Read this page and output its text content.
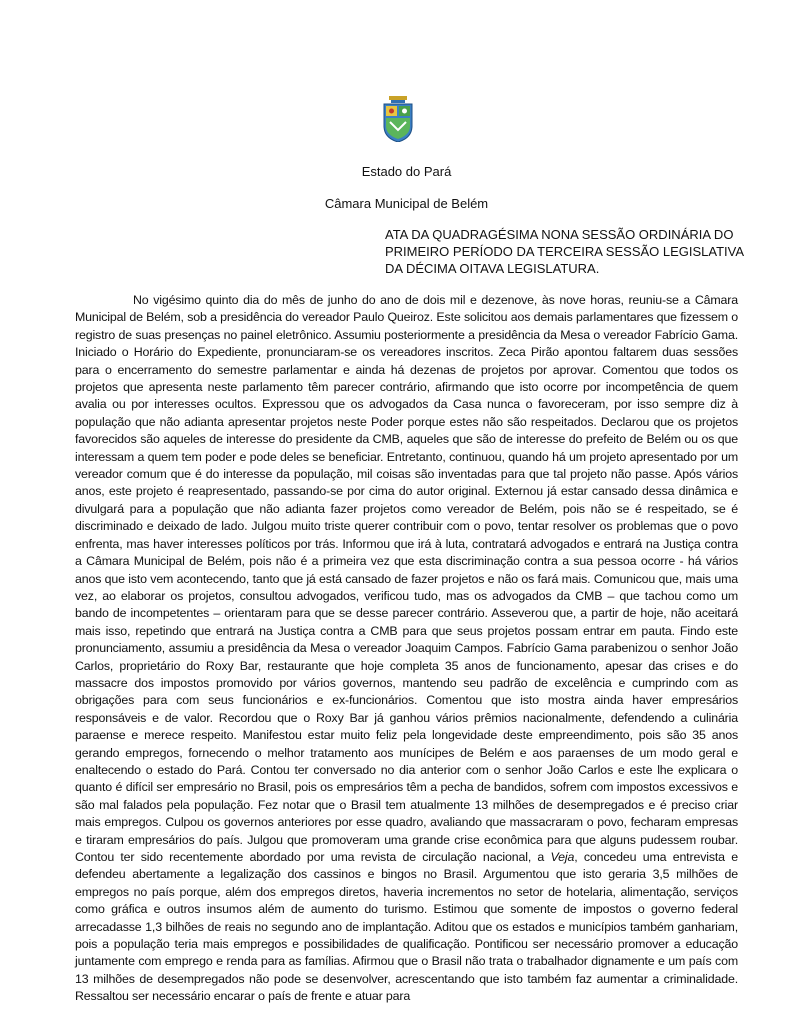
Estado do Pará
Câmara Municipal de Belém
ATA DA QUADRAGÉSIMA NONA SESSÃO ORDINÁRIA DO PRIMEIRO PERÍODO DA TERCEIRA SESSÃO LEGISLATIVA DA DÉCIMA OITAVA LEGISLATURA.

No vigésimo quinto dia do mês de junho do ano de dois mil e dezenove, às nove horas, reuniu-se a Câmara Municipal de Belém, sob a presidência do vereador Paulo Queiroz. Este solicitou aos demais parlamentares que fizessem o registro de suas presenças no painel eletrônico. Assumiu posteriormente a presidência da Mesa o vereador Fabrício Gama. Iniciado o Horário do Expediente, pronunciaram-se os vereadores inscritos. Zeca Pirão apontou faltarem duas sessões para o encerramento do semestre parlamentar e ainda há dezenas de projetos por aprovar. Comentou que todos os projetos que apresenta neste parlamento têm parecer contrário, afirmando que isto ocorre por incompetência de quem avalia ou por interesses ocultos. Expressou que os advogados da Casa nunca o favoreceram, por isso sempre diz à população que não adianta apresentar projetos neste Poder porque estes não são respeitados. Declarou que os projetos favorecidos são aqueles de interesse do presidente da CMB, aqueles que são de interesse do prefeito de Belém ou os que interessam a quem tem poder e pode deles se beneficiar. Entretanto, continuou, quando há um projeto apresentado por um vereador comum que é do interesse da população, mil coisas são inventadas para que tal projeto não passe. Após vários anos, este projeto é reapresentado, passando-se por cima do autor original. Externou já estar cansado dessa dinâmica e divulgará para a população que não adianta fazer projetos como vereador de Belém, pois não se é respeitado, se é discriminado e deixado de lado. Julgou muito triste querer contribuir com o povo, tentar resolver os problemas que o povo enfrenta, mas haver interesses políticos por trás. Informou que irá à luta, contratará advogados e entrará na Justiça contra a Câmara Municipal de Belém, pois não é a primeira vez que esta discriminação contra a sua pessoa ocorre - há vários anos que isto vem acontecendo, tanto que já está cansado de fazer projetos e não os fará mais. Comunicou que, mais uma vez, ao elaborar os projetos, consultou advogados, verificou tudo, mas os advogados da CMB – que tachou como um bando de incompetentes – orientaram para que se desse parecer contrário. Asseverou que, a partir de hoje, não aceitará mais isso, repetindo que entrará na Justiça contra a CMB para que seus projetos possam entrar em pauta. Findo este pronunciamento, assumiu a presidência da Mesa o vereador Joaquim Campos. Fabrício Gama parabenizou o senhor João Carlos, proprietário do Roxy Bar, restaurante que hoje completa 35 anos de funcionamento, apesar das crises e do massacre dos impostos promovido por vários governos, mantendo seu padrão de excelência e cumprindo com as obrigações para com seus funcionários e ex-funcionários. Comentou que isto mostra ainda haver empresários responsáveis e de valor. Recordou que o Roxy Bar já ganhou vários prêmios nacionalmente, defendendo a culinária paraense e merece respeito. Manifestou estar muito feliz pela longevidade deste empreendimento, pois são 35 anos gerando empregos, fornecendo o melhor tratamento aos munícipes de Belém e aos paraenses de um modo geral e enaltecendo o estado do Pará. Contou ter conversado no dia anterior com o senhor João Carlos e este lhe explicara o quanto é difícil ser empresário no Brasil, pois os empresários têm a pecha de bandidos, sofrem com impostos excessivos e são mal falados pela população. Fez notar que o Brasil tem atualmente 13 milhões de desempregados e é preciso criar mais empregos. Culpou os governos anteriores por esse quadro, avaliando que massacraram o povo, fecharam empresas e tiraram empresários do país. Julgou que promoveram uma grande crise econômica para que alguns pudessem roubar. Contou ter sido recentemente abordado por uma revista de circulação nacional, a Veja, concedeu uma entrevista e defendeu abertamente a legalização dos cassinos e bingos no Brasil. Argumentou que isto geraria 3,5 milhões de empregos no país porque, além dos empregos diretos, haveria incrementos no setor de hotelaria, alimentação, serviços como gráfica e outros insumos além de aumento do turismo. Estimou que somente de impostos o governo federal arrecadasse 1,3 bilhões de reais no segundo ano de implantação. Aditou que os estados e municípios também ganhariam, pois a população teria mais empregos e possibilidades de qualificação. Pontificou ser necessário promover a educação juntamente com emprego e renda para as famílias. Afirmou que o Brasil não trata o trabalhador dignamente e um país com 13 milhões de desempregados não pode se desenvolver, acrescentando que isto também faz aumentar a criminalidade. Ressaltou ser necessário encarar o país de frente e atuar para
